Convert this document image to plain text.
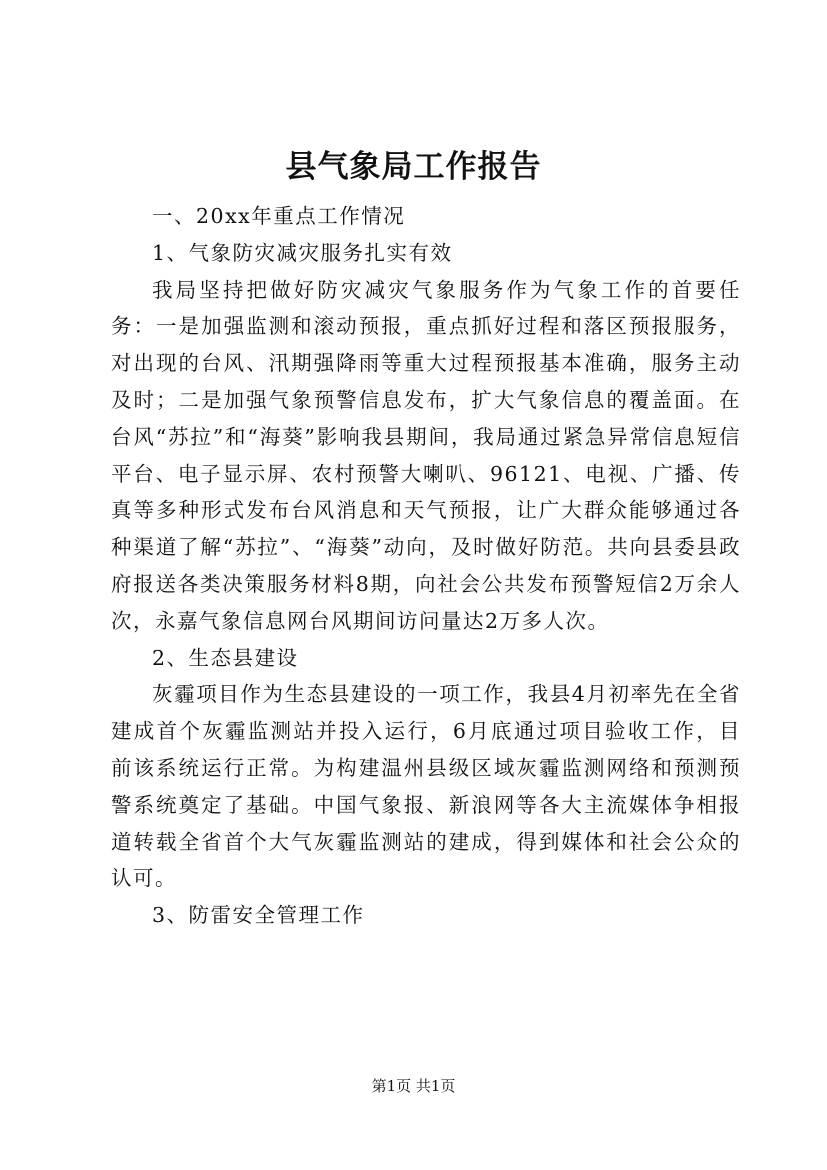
县气象局工作报告

一、20xx年重点工作情况

1、气象防灾减灾服务扎实有效

我局坚持把做好防灾减灾气象服务作为气象工作的首要任务：一是加强监测和滚动预报，重点抓好过程和落区预报服务，对出现的台风、汛期强降雨等重大过程预报基本准确，服务主动及时；二是加强气象预警信息发布，扩大气象信息的覆盖面。在台风“苏拉”和“海葵”影响我县期间，我局通过紧急异常信息短信平台、电子显示屏、农村预警大喇叭、96121、电视、广播、传真等多种形式发布台风消息和天气预报，让广大群众能够通过各种渠道了解“苏拉”、“海葵”动向，及时做好防范。共向县委县政府报送各类决策服务材料8期，向社会公共发布预警短信2万余人次，永嘉气象信息网台风期间访问量达2万多人次。

2、生态县建设

灰霾项目作为生态县建设的一项工作，我县4月初率先在全省建成首个灰霾监测站并投入运行，6月底通过项目验收工作，目前该系统运行正常。为构建温州县级区域灰霾监测网络和预测预警系统奠定了基础。中国气象报、新浪网等各大主流媒体争相报道转载全省首个大气灰霾监测站的建成，得到媒体和社会公众的认可。

3、防雷安全管理工作

第1页 共1页
